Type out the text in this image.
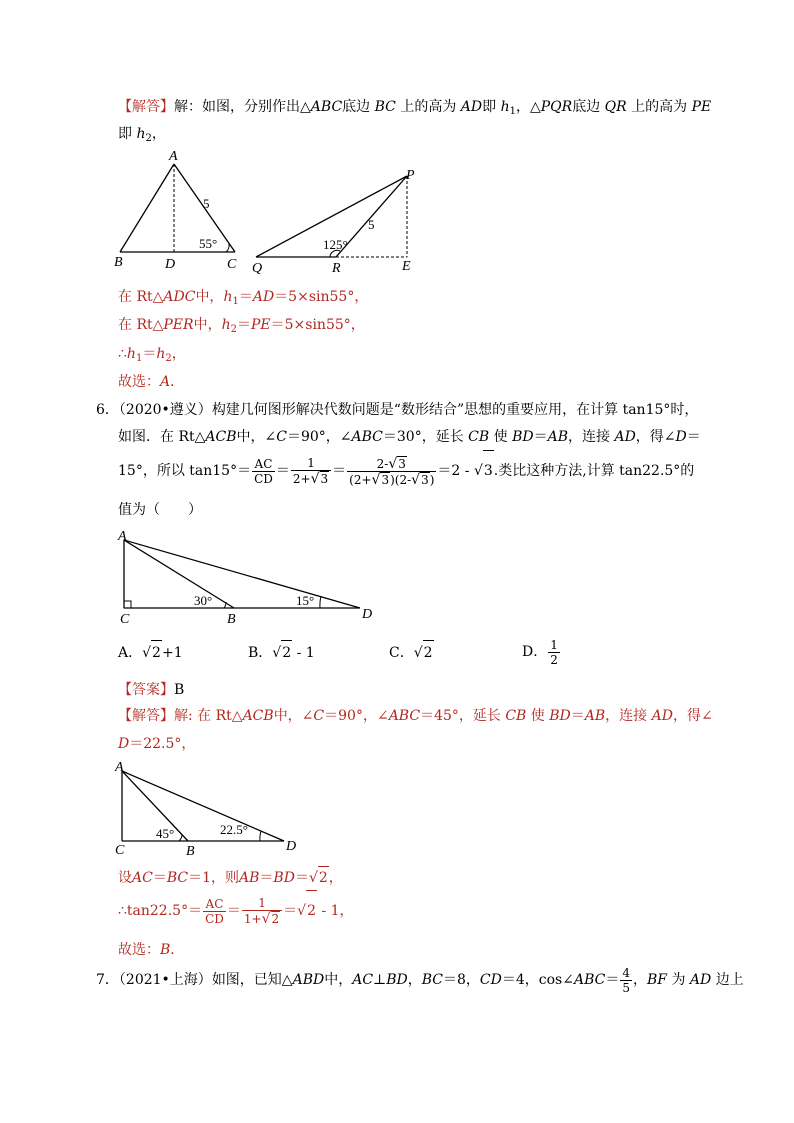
【解答】解：如图，分别作出△ABC底边 BC 上的高为 AD即 $h_1$，△PQR底边 QR 上的高为 PE
即 $h_2$，
A
B	D	C
5
55°
P
Q	R	E
5
125°
在 Rt△ADC中，$h_1=AD=5\times\sin 55^\circ$，
在 Rt△PER中，$h_2=PE=5\times\sin 55^\circ$，
$\therefore h_1=h_2$，
故选：A．
6．（2020•遵义）构建几何图形解决代数问题是“数形结合”思想的重要应用，在计算 tan15°时，
如图．在 Rt△ACB中，∠C＝90°，∠ABC＝30°，延长 CB 使 BD＝AB，连接 AD，得∠D＝
15°，所以 $\tan 15^\circ= \frac{AC}{CD} = \frac{1}{2+√3} = \frac{2-√3}{(2+√3)(2-√3)} =2 - √3$.类比这种方法,计算 tan22.5°的
值为（　　）
A
C	B	D
30°	15°
A．√2+1	B．√2 - 1	C．√2	D． $\frac{1}{2}$
【答案】B
【解答】解: 在 Rt△ACB中，∠C＝90°，∠ABC＝45°，延长 CB 使 BD＝AB，连接 AD，得∠
D＝22.5°，
A
C	B	D
45°	22.5°
设AC＝BC＝1，则AB＝BD＝√2，
∴tan22.5°＝ $\frac{AC}{CD} = \frac{1}{1+√2} =√2 - 1$，
故选：B．
7．（2021•上海）如图，已知△ABD中，AC⊥BD，BC＝8，CD＝4，cos∠ABC＝ $\frac{4}{5}$ ，BF 为 AD 边上
